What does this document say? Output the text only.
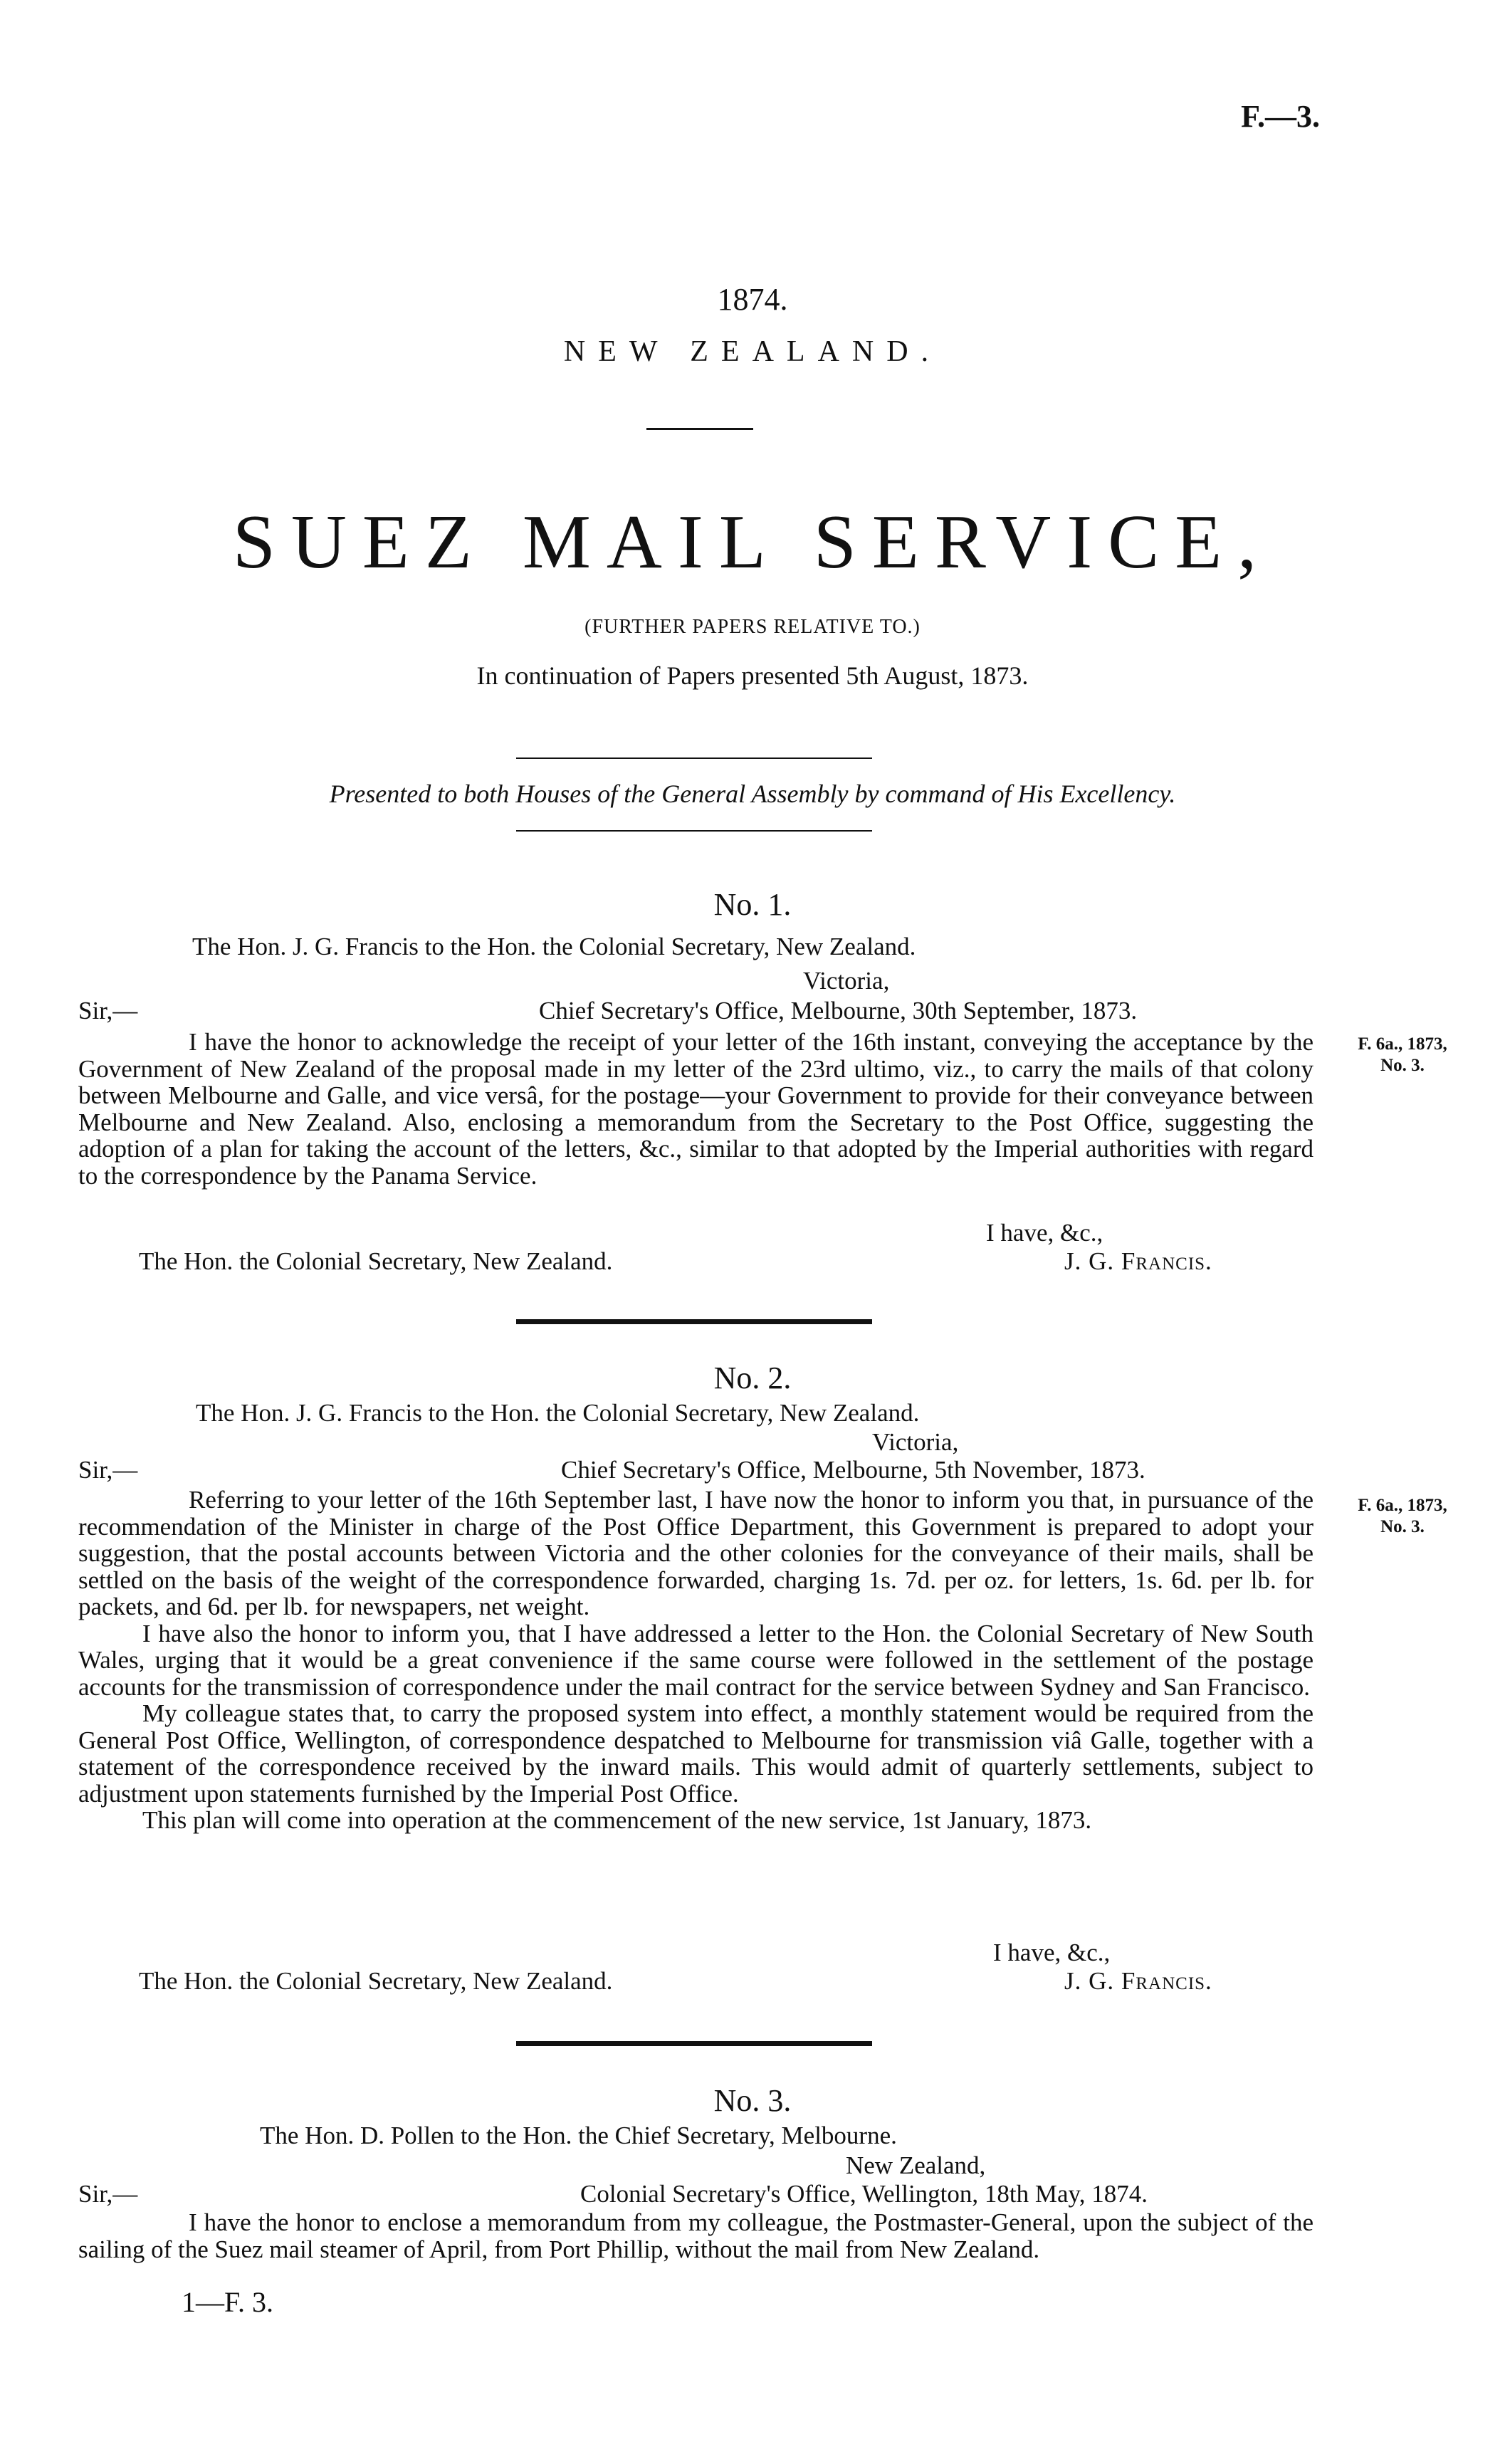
F.—3.
1874.
NEW ZEALAND.
SUEZ MAIL SERVICE,
(FURTHER PAPERS RELATIVE TO.)
In continuation of Papers presented 5th August, 1873.
Presented to both Houses of the General Assembly by command of His Excellency.
No. 1.
The Hon. J. G. Francis to the Hon. the Colonial Secretary, New Zealand.
Victoria,
Sir,—	Chief Secretary's Office, Melbourne, 30th September, 1873.

I have the honor to acknowledge the receipt of your letter of the 16th instant, conveying the acceptance by the Government of New Zealand of the proposal made in my letter of the 23rd ultimo, viz., to carry the mails of that colony between Melbourne and Galle, and vice versâ, for the postage—your Government to provide for their conveyance between Melbourne and New Zealand. Also, enclosing a memorandum from the Secretary to the Post Office, suggesting the adoption of a plan for taking the account of the letters, &c., similar to that adopted by the Imperial authorities with regard to the correspondence by the Panama Service.

F. 6a., 1873,
No. 3.
I have, &c.,
The Hon. the Colonial Secretary, New Zealand.	J. G. Francis.
No. 2.
The Hon. J. G. Francis to the Hon. the Colonial Secretary, New Zealand.
Victoria,
Sir,—	Chief Secretary's Office, Melbourne, 5th November, 1873.

Referring to your letter of the 16th September last, I have now the honor to inform you that, in pursuance of the recommendation of the Minister in charge of the Post Office Department, this Government is prepared to adopt your suggestion, that the postal accounts between Victoria and the other colonies for the conveyance of their mails, shall be settled on the basis of the weight of the correspondence forwarded, charging 1s. 7d. per oz. for letters, 1s. 6d. per lb. for packets, and 6d. per lb. for newspapers, net weight.

I have also the honor to inform you, that I have addressed a letter to the Hon. the Colonial Secretary of New South Wales, urging that it would be a great convenience if the same course were followed in the settlement of the postage accounts for the transmission of correspondence under the mail contract for the service between Sydney and San Francisco.

My colleague states that, to carry the proposed system into effect, a monthly statement would be required from the General Post Office, Wellington, of correspondence despatched to Melbourne for transmission viâ Galle, together with a statement of the correspondence received by the inward mails. This would admit of quarterly settlements, subject to adjustment upon statements furnished by the Imperial Post Office.

This plan will come into operation at the commencement of the new service, 1st January, 1873.

F. 6a., 1873,
No. 3.
I have, &c.,
The Hon. the Colonial Secretary, New Zealand.	J. G. Francis.
No. 3.
The Hon. D. Pollen to the Hon. the Chief Secretary, Melbourne.
New Zealand,
Sir,—	Colonial Secretary's Office, Wellington, 18th May, 1874.

I have the honor to enclose a memorandum from my colleague, the Postmaster-General, upon the subject of the sailing of the Suez mail steamer of April, from Port Phillip, without the mail from New Zealand.

1—F. 3.
